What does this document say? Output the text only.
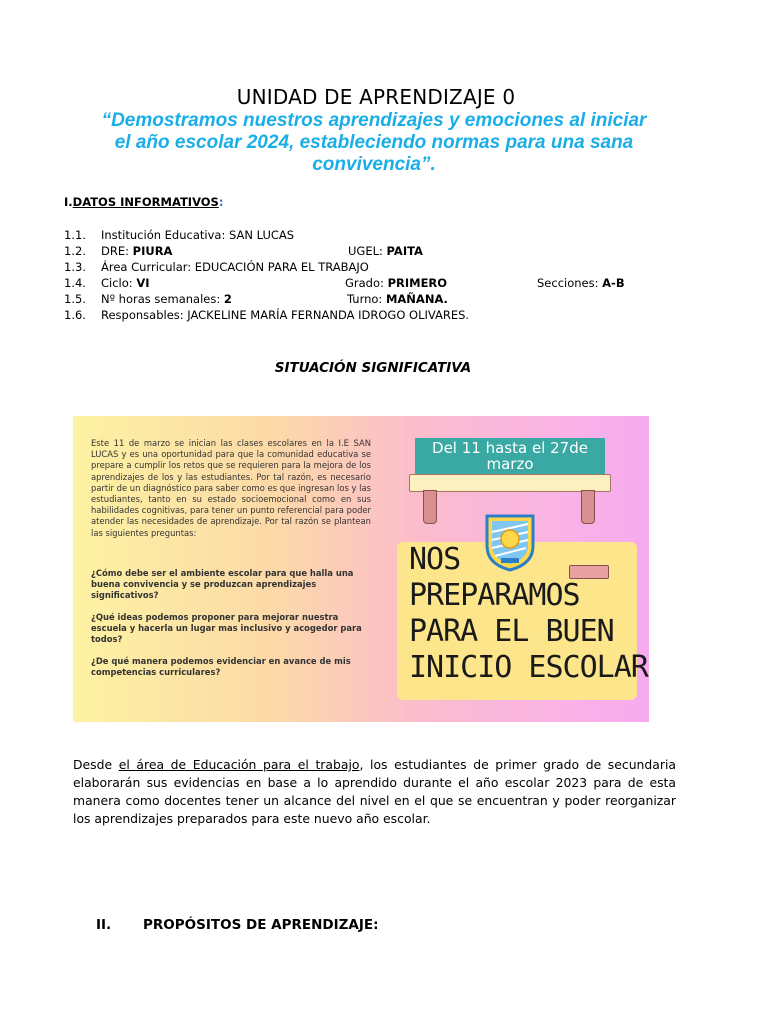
UNIDAD DE APRENDIZAJE 0
“Demostramos nuestros aprendizajes y emociones al iniciar
el año escolar 2024, estableciendo normas para una sana
convivencia”.
I.DATOS INFORMATIVOS:
1.1. Institución Educativa: SAN LUCAS
1.2. DRE: PIURA	UGEL: PAITA
1.3. Área Curricular: EDUCACIÓN PARA EL TRABAJO
1.4. Ciclo: VI	Grado: PRIMERO	Secciones: A-B
1.5. Nº horas semanales: 2	Turno: MAÑANA.
1.6. Responsables: JACKELINE MARÍA FERNANDA IDROGO OLIVARES.
SITUACIÓN SIGNIFICATIVA
Este 11 de marzo se inician las clases escolares en la I.E SAN LUCAS y es una oportunidad para que la comunidad educativa se prepare a cumplir los retos que se requieren para la mejora de los aprendizajes de los y las estudiantes. Por tal razón, es necesario partir de un diagnóstico para saber como es que ingresan los y las estudiantes, tanto en su estado socioemocional como en sus habilidades cognitivas, para tener un punto referencial para poder atender las necesidades de aprendizaje. Por tal razón se plantean las siguientes preguntas:
¿Cómo debe ser el ambiente escolar para que halla una buena convivencia y se produzcan aprendizajes significativos?
¿Qué ideas podemos proponer para mejorar nuestra escuela y hacerla un lugar mas inclusivo y acogedor para todos?
¿De qué manera podemos evidenciar en avance de mis competencias curriculares?
Del 11 hasta el 27de marzo
NOS
PREPARAMOS
PARA EL BUEN
INICIO ESCOLAR
Desde el área de Educación para el trabajo, los estudiantes de primer grado de secundaria elaborarán sus evidencias en base a lo aprendido durante el año escolar 2023 para de esta manera como docentes tener un alcance del nivel en el que se encuentran y poder reorganizar los aprendizajes preparados para este nuevo año escolar.
II. PROPÓSITOS DE APRENDIZAJE:
